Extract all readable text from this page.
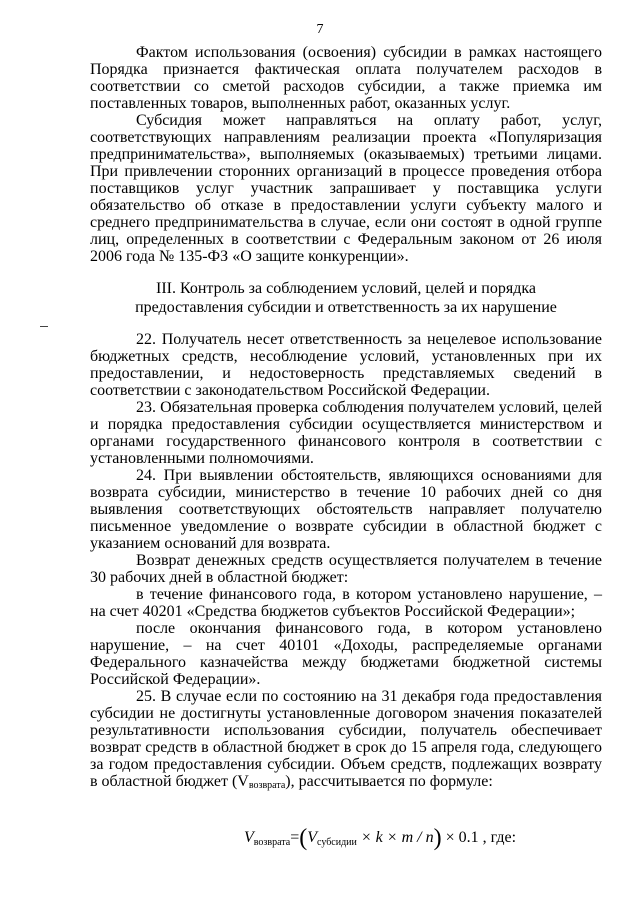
7

Фактом использования (освоения) субсидии в рамках настоящего Порядка признается фактическая оплата получателем расходов в соответствии со сметой расходов субсидии, а также приемка им поставленных товаров, выполненных работ, оказанных услуг.

Субсидия может направляться на оплату работ, услуг, соответствующих направлениям реализации проекта «Популяризация предпринимательства», выполняемых (оказываемых) третьими лицами. При привлечении сторонних организаций в процессе проведения отбора поставщиков услуг участник запрашивает у поставщика услуги обязательство об отказе в предоставлении услуги субъекту малого и среднего предпринимательства в случае, если они состоят в одной группе лиц, определенных в соответствии с Федеральным законом от 26 июля 2006 года № 135-ФЗ «О защите конкуренции».

III. Контроль за соблюдением условий, целей и порядка
предоставления субсидии и ответственность за их нарушение

22. Получатель несет ответственность за нецелевое использование бюджетных средств, несоблюдение условий, установленных при их предоставлении, и недостоверность представляемых сведений в соответствии с законодательством Российской Федерации.

23. Обязательная проверка соблюдения получателем условий, целей и порядка предоставления субсидии осуществляется министерством и органами государственного финансового контроля в соответствии с установленными полномочиями.

24. При выявлении обстоятельств, являющихся основаниями для возврата субсидии, министерство в течение 10 рабочих дней со дня выявления соответствующих обстоятельств направляет получателю письменное уведомление о возврате субсидии в областной бюджет с указанием оснований для возврата.

Возврат денежных средств осуществляется получателем в течение 30 рабочих дней в областной бюджет:

в течение финансового года, в котором установлено нарушение, – на счет 40201 «Средства бюджетов субъектов Российской Федерации»;

после окончания финансового года, в котором установлено нарушение, – на счет 40101 «Доходы, распределяемые органами Федерального казначейства между бюджетами бюджетной системы Российской Федерации».

25. В случае если по состоянию на 31 декабря года предоставления субсидии не достигнуты установленные договором значения показателей результативности использования субсидии, получатель обеспечивает возврат средств в областной бюджет в срок до 15 апреля года, следующего за годом предоставления субсидии. Объем средств, подлежащих возврату в областной бюджет (Vвозврата), рассчитывается по формуле:

$V_{возврата}=(V_{субсидии} \times k \times m / n) \times 0.1$ , где:
